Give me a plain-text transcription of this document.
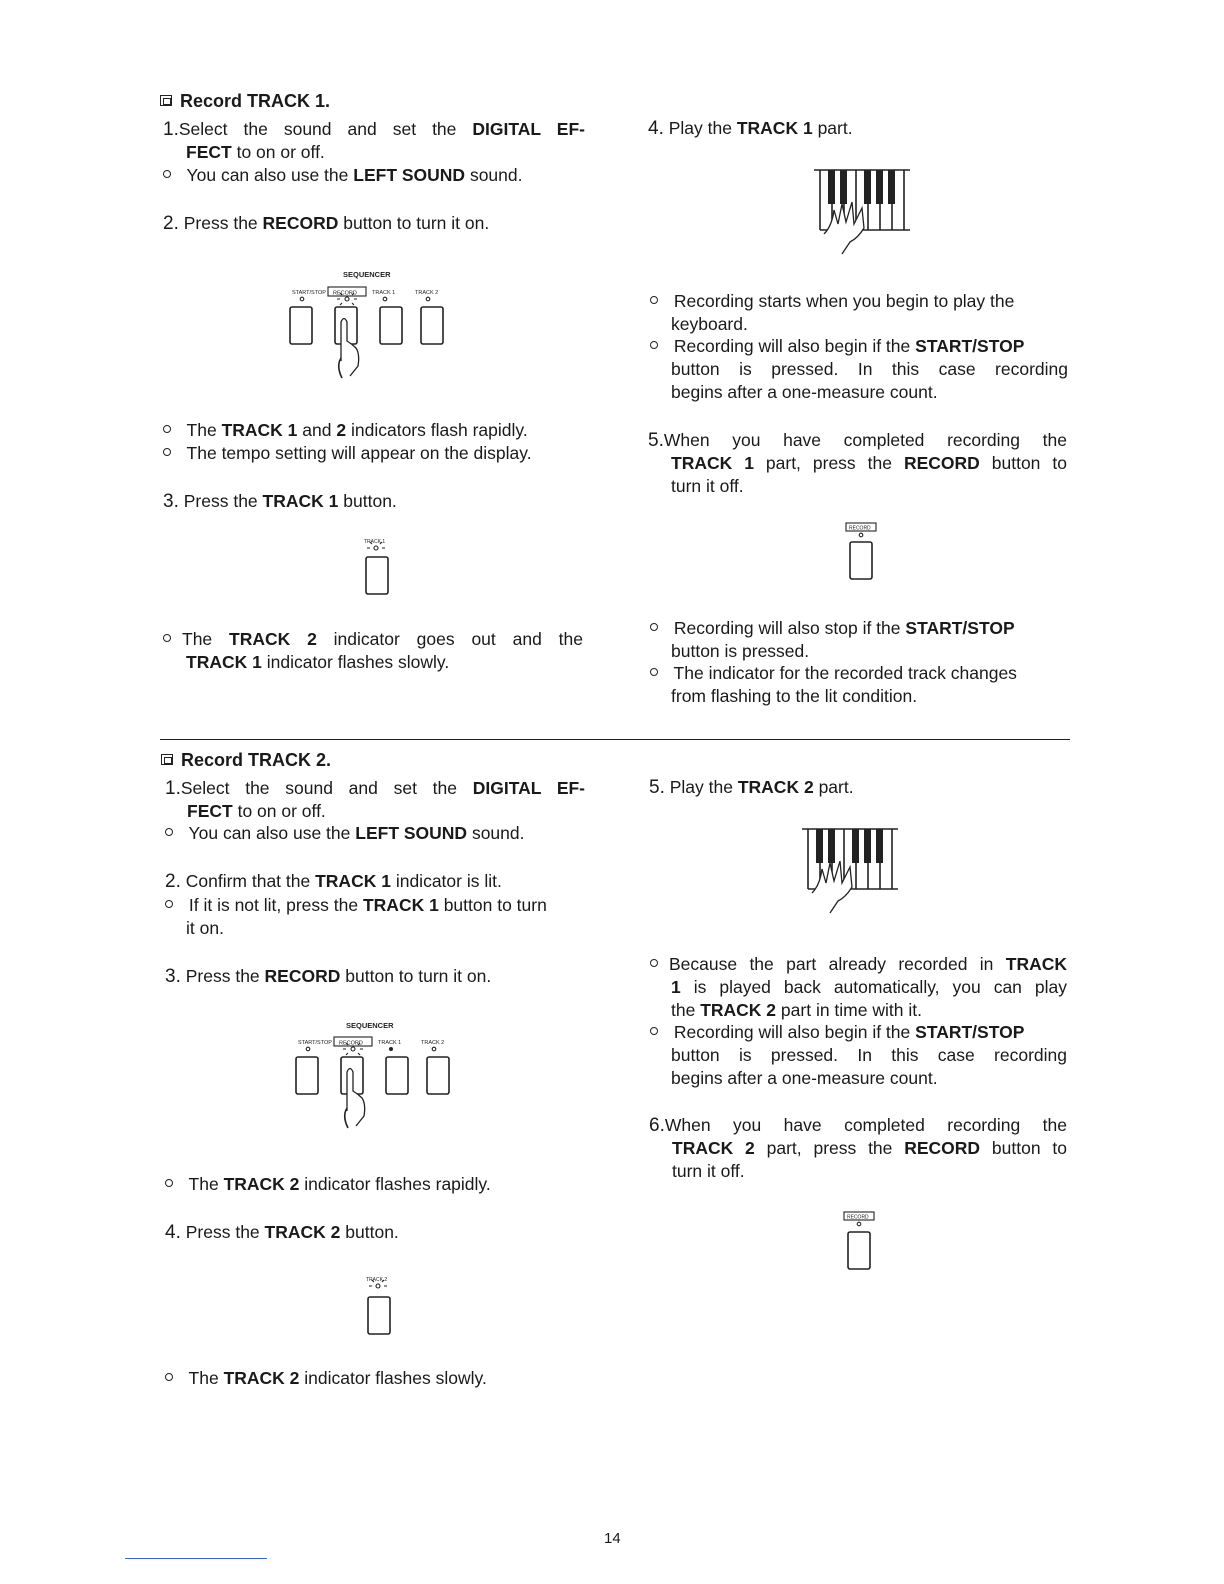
Record TRACK 1.
1.Select the sound and set the DIGITAL EF-
FECT to on or off.
You can also use the LEFT SOUND sound.
2. Press the RECORD button to turn it on.
SEQUENCER
START/STOP RECORD	TRACK 1	TRACK 2
The TRACK 1 and 2 indicators flash rapidly.
The tempo setting will appear on the display.
3. Press the TRACK 1 button.
TRACK 1
The TRACK 2 indicator goes out and the
TRACK 1 indicator flashes slowly.
4. Play the TRACK 1 part.
Recording starts when you begin to play the
keyboard.
Recording will also begin if the START/STOP
button is pressed. In this case recording
begins after a one-measure count.
5.When you have completed recording the
TRACK 1 part, press the RECORD button to
turn it off.
RECORD
Recording will also stop if the START/STOP
button is pressed.
The indicator for the recorded track changes
from flashing to the lit condition.
Record TRACK 2.
1.Select the sound and set the DIGITAL EF-
FECT to on or off.
You can also use the LEFT SOUND sound.
2. Confirm that the TRACK 1 indicator is lit.
If it is not lit, press the TRACK 1 button to turn
it on.
3. Press the RECORD button to turn it on.
SEQUENCER
START/STOP RECORD	TRACK 1	TRACK 2
The TRACK 2 indicator flashes rapidly.
4. Press the TRACK 2 button.
TRACK 2
The TRACK 2 indicator flashes slowly.
5. Play the TRACK 2 part.
Because the part already recorded in TRACK
1 is played back automatically, you can play
the TRACK 2 part in time with it.
Recording will also begin if the START/STOP
button is pressed. In this case recording
begins after a one-measure count.
6.When you have completed recording the
TRACK 2 part, press the RECORD button to
turn it off.
RECORD
14
